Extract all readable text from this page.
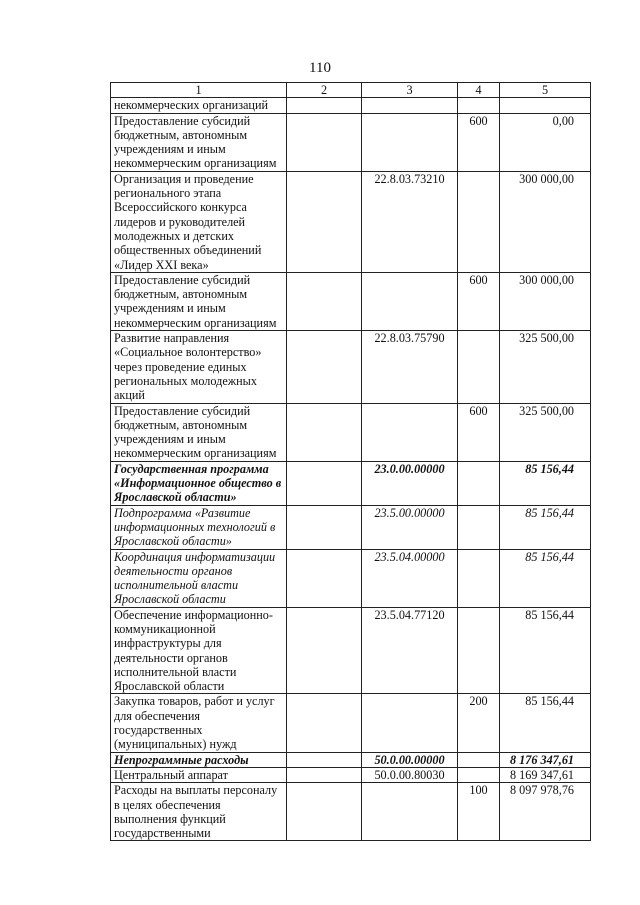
110
1	2	3	4	5
некоммерческих организаций				
Предоставление субсидий бюджетным, автономным учреждениям и иным некоммерческим организациям			600	0,00
Организация и проведение регионального этапа Всероссийского конкурса лидеров и руководителей молодежных и детских общественных объединений «Лидер XXI века»		22.8.03.73210		300 000,00
Предоставление субсидий бюджетным, автономным учреждениям и иным некоммерческим организациям			600	300 000,00
Развитие направления «Социальное волонтерство» через проведение единых региональных молодежных акций		22.8.03.75790		325 500,00
Предоставление субсидий бюджетным, автономным учреждениям и иным некоммерческим организациям			600	325 500,00
Государственная программа «Информационное общество в Ярославской области»		23.0.00.00000		85 156,44
Подпрограмма «Развитие информационных технологий в Ярославской области»		23.5.00.00000		85 156,44
Координация информатизации деятельности органов исполнительной власти Ярославской области		23.5.04.00000		85 156,44
Обеспечение информационно-коммуникационной инфраструктуры для деятельности органов исполнительной власти Ярославской области		23.5.04.77120		85 156,44
Закупка товаров, работ и услуг для обеспечения государственных (муниципальных) нужд			200	85 156,44
Непрограммные расходы		50.0.00.00000		8 176 347,61
Центральный аппарат		50.0.00.80030		8 169 347,61
Расходы на выплаты персоналу в целях обеспечения выполнения функций государственными			100	8 097 978,76
